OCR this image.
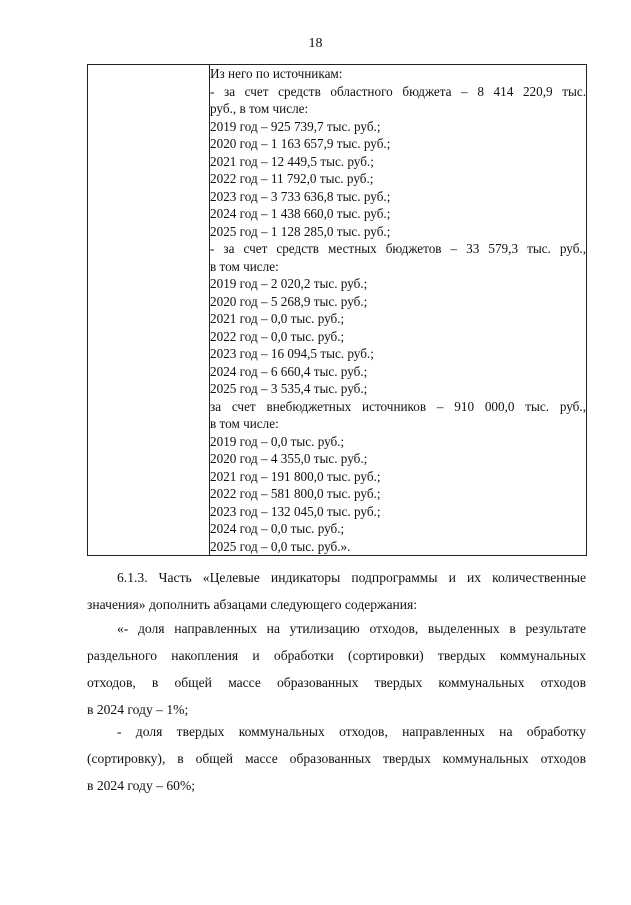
18

Из него по источникам:
- за счет средств областного бюджета – 8 414 220,9 тыс.
руб., в том числе:
2019 год – 925 739,7 тыс. руб.;
2020 год – 1 163 657,9 тыс. руб.;
2021 год – 12 449,5 тыс. руб.;
2022 год – 11 792,0 тыс. руб.;
2023 год – 3 733 636,8 тыс. руб.;
2024 год – 1 438 660,0 тыс. руб.;
2025 год – 1 128 285,0 тыс. руб.;
- за счет средств местных бюджетов – 33 579,3 тыс. руб.,
в том числе:
2019 год – 2 020,2 тыс. руб.;
2020 год – 5 268,9 тыс. руб.;
2021 год – 0,0 тыс. руб.;
2022 год – 0,0 тыс. руб.;
2023 год – 16 094,5 тыс. руб.;
2024 год – 6 660,4 тыс. руб.;
2025 год – 3 535,4 тыс. руб.;
за счет внебюджетных источников – 910 000,0 тыс. руб.,
в том числе:
2019 год – 0,0 тыс. руб.;
2020 год – 4 355,0 тыс. руб.;
2021 год – 191 800,0 тыс. руб.;
2022 год – 581 800,0 тыс. руб.;
2023 год – 132 045,0 тыс. руб.;
2024 год – 0,0 тыс. руб.;
2025 год – 0,0 тыс. руб.».
6.1.3. Часть «Целевые индикаторы подпрограммы и их количественные
значения» дополнить абзацами следующего содержания:
«- доля направленных на утилизацию отходов, выделенных в результате
раздельного накопления и обработки (сортировки) твердых коммунальных
отходов, в общей массе образованных твердых коммунальных отходов
в 2024 году – 1%;
- доля твердых коммунальных отходов, направленных на обработку
(сортировку), в общей массе образованных твердых коммунальных отходов
в 2024 году – 60%;
